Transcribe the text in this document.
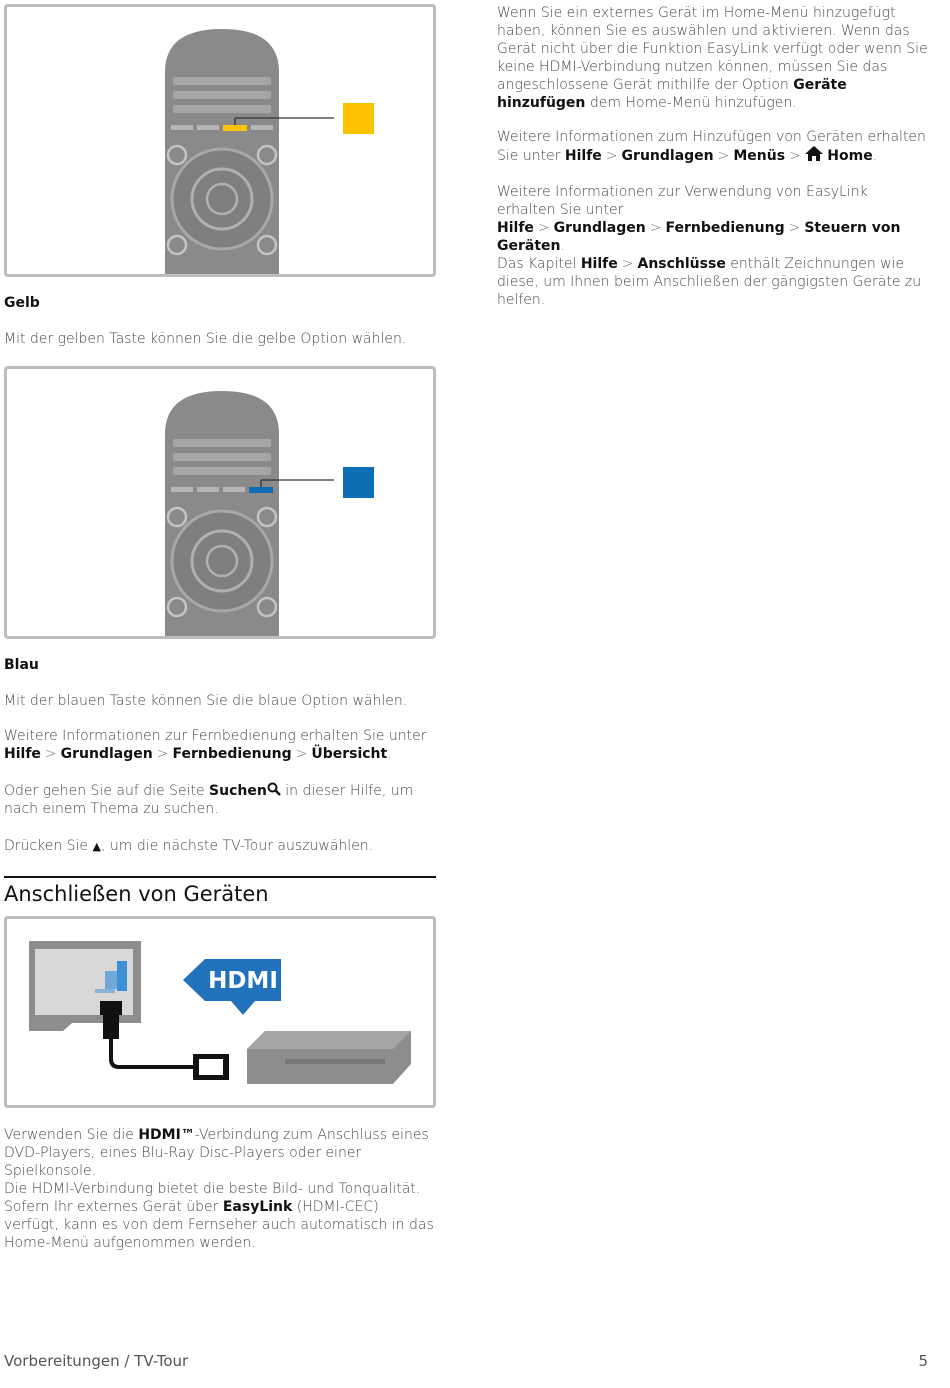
Gelb

Mit der gelben Taste können Sie die gelbe Option wählen.

Blau

Mit der blauen Taste können Sie die blaue Option wählen.

Weitere Informationen zur Fernbedienung erhalten Sie unter
Hilfe > Grundlagen > Fernbedienung > Übersicht.

Oder gehen Sie auf die Seite Suchen in dieser Hilfe, um nach einem Thema zu suchen.

Drücken Sie ▲, um die nächste TV-Tour auszuwählen.

Anschließen von Geräten
HDMI

Verwenden Sie die HDMI™-Verbindung zum Anschluss eines DVD-Players, eines Blu-Ray Disc-Players oder einer Spielkonsole.

Die HDMI-Verbindung bietet die beste Bild- und Tonqualität. Sofern Ihr externes Gerät über EasyLink (HDMI-CEC) verfügt, kann es von dem Fernseher auch automatisch in das Home-Menü aufgenommen werden.

Wenn Sie ein externes Gerät im Home-Menü hinzugefügt haben, können Sie es auswählen und aktivieren. Wenn das Gerät nicht über die Funktion EasyLink verfügt oder wenn Sie keine HDMI-Verbindung nutzen können, müssen Sie das angeschlossene Gerät mithilfe der Option Geräte hinzufügen dem Home-Menü hinzufügen.

Weitere Informationen zum Hinzufügen von Geräten erhalten Sie unter Hilfe > Grundlagen > Menüs > Home.

Weitere Informationen zur Verwendung von EasyLink erhalten Sie unter Hilfe > Grundlagen > Fernbedienung > Steuern von Geräten.

Das Kapitel Hilfe > Anschlüsse enthält Zeichnungen wie diese, um Ihnen beim Anschließen der gängigsten Geräte zu helfen.

Vorbereitungen / TV-Tour	5
